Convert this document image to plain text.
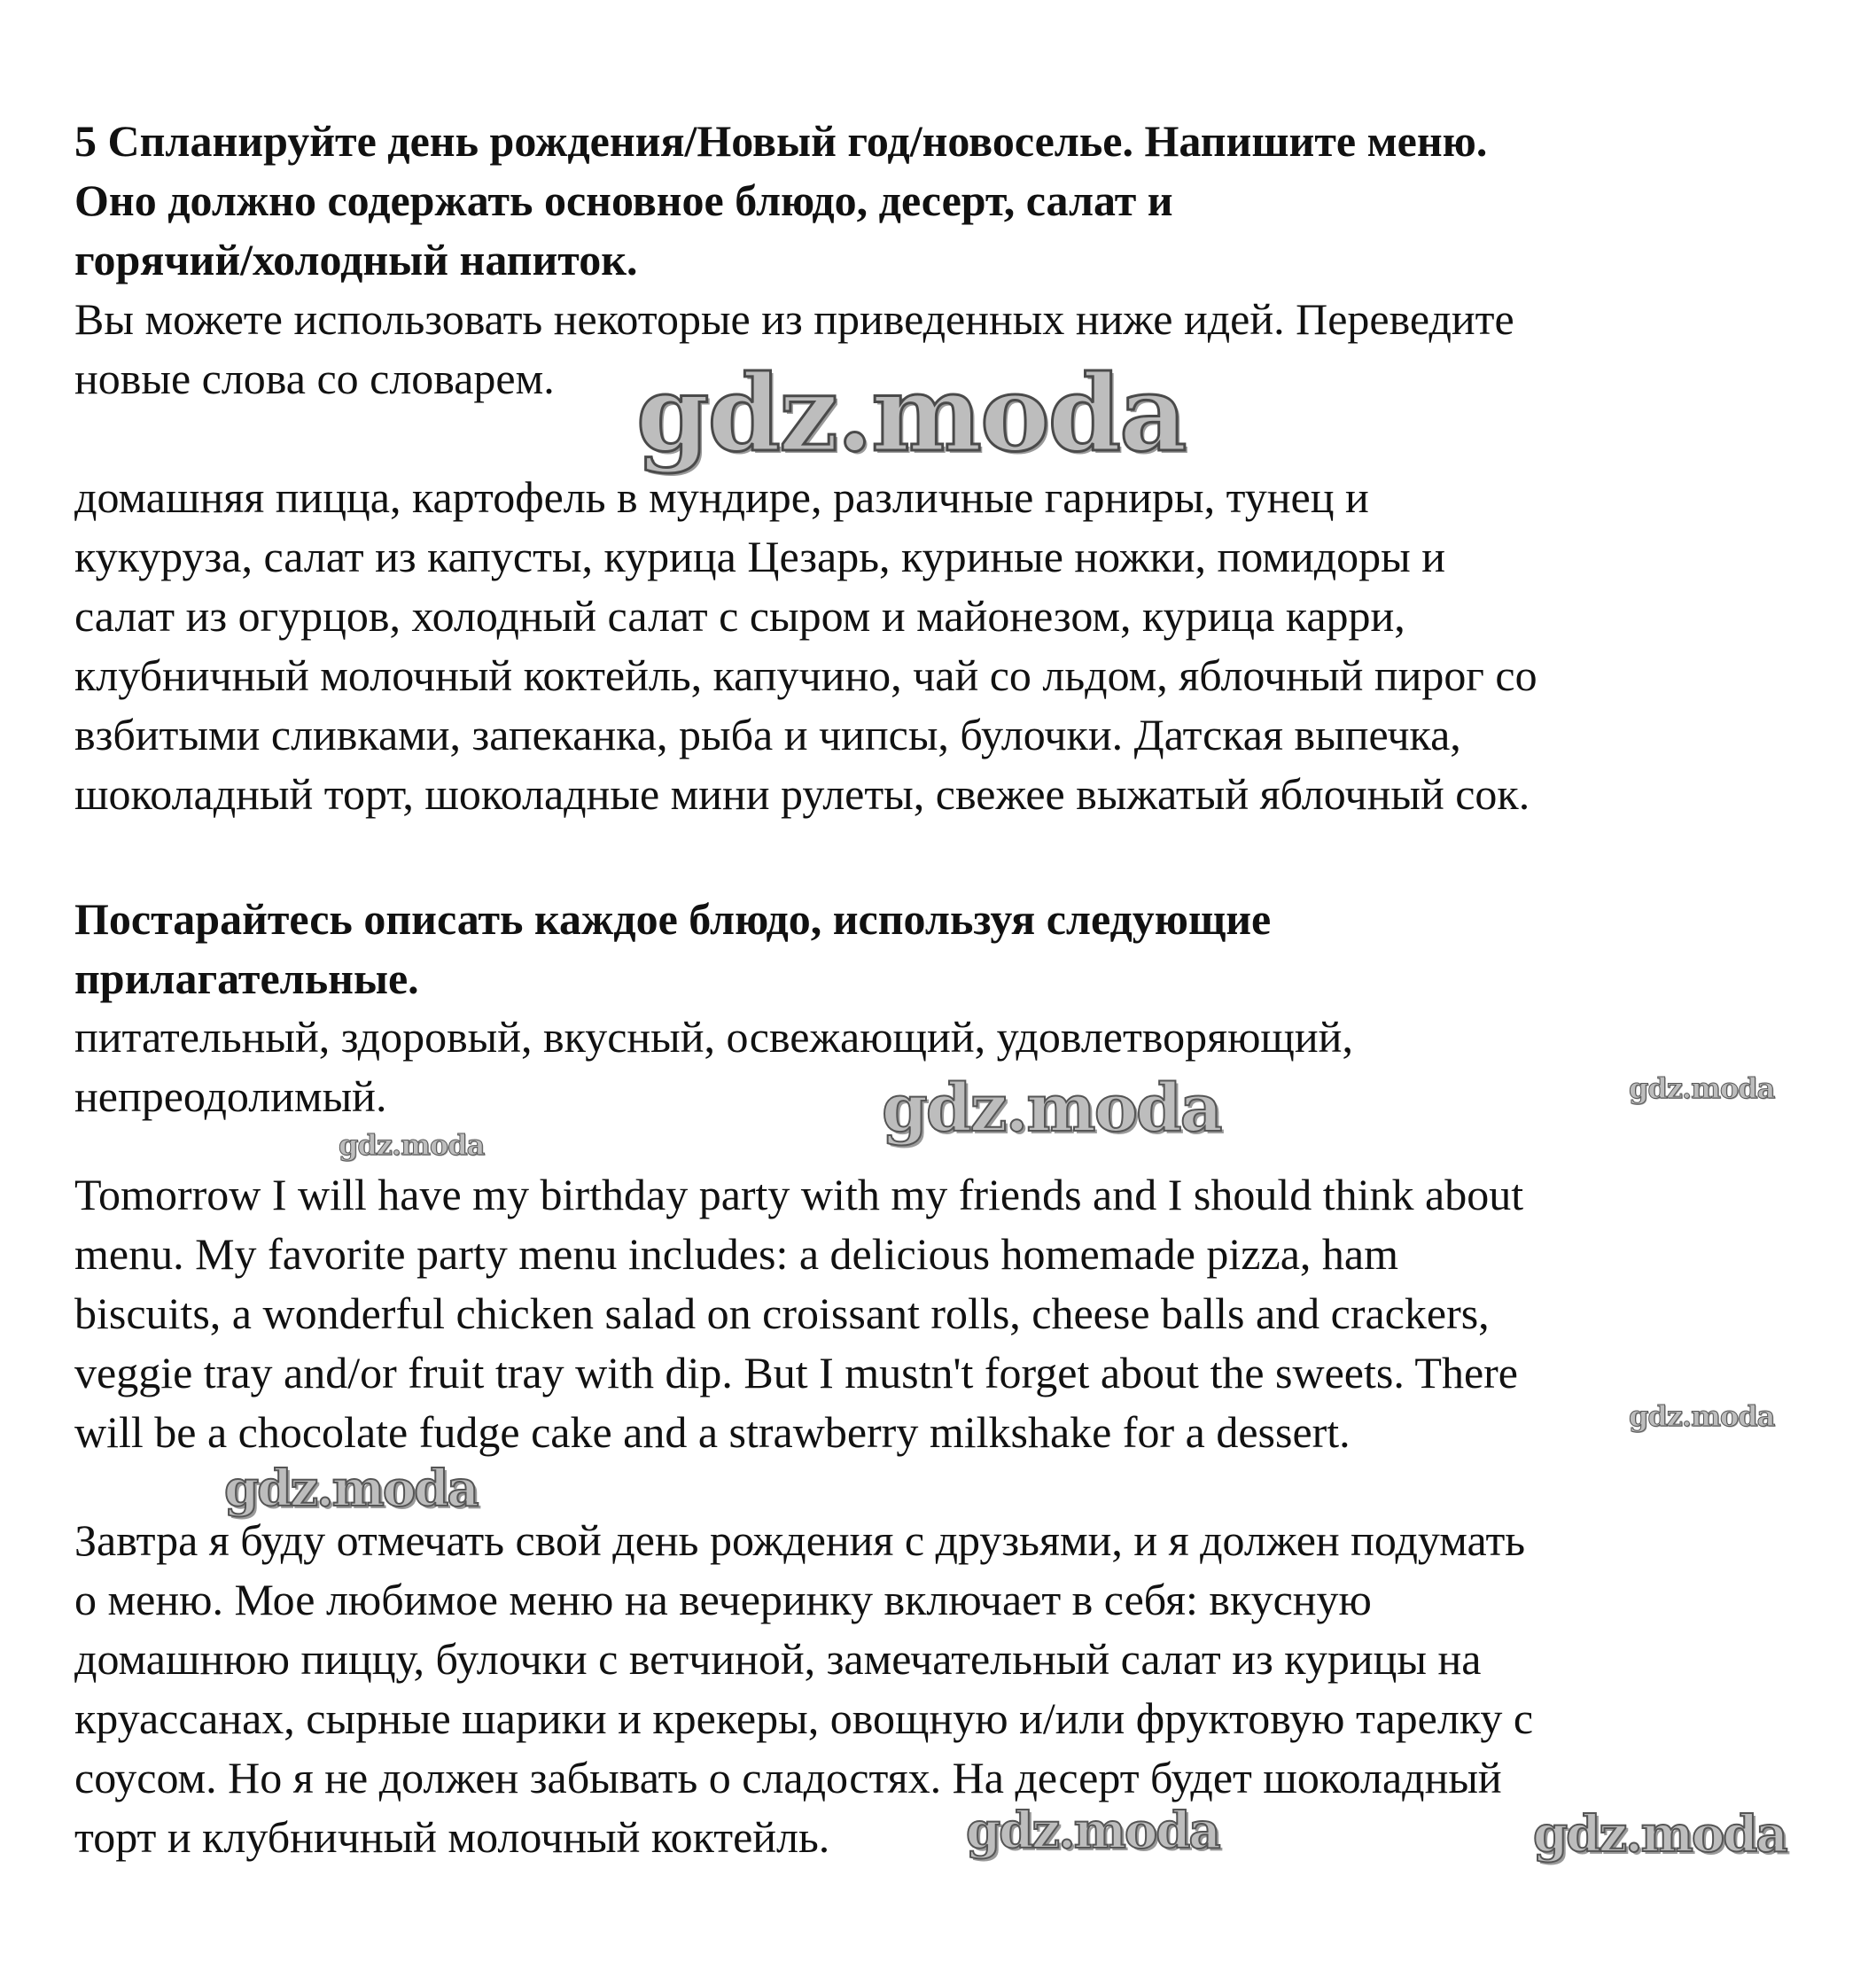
5 Спланируйте день рождения/Новый год/новоселье. Напишите меню.
Оно должно содержать основное блюдо, десерт, салат и
горячий/холодный напиток.
Вы можете использовать некоторые из приведенных ниже идей. Переведите
новые слова со словарем.
домашняя пицца, картофель в мундире, различные гарниры, тунец и
кукуруза, салат из капусты, курица Цезарь, куриные ножки, помидоры и
салат из огурцов, холодный салат с сыром и майонезом, курица карри,
клубничный молочный коктейль, капучино, чай со льдом, яблочный пирог со
взбитыми сливками, запеканка, рыба и чипсы, булочки. Датская выпечка,
шоколадный торт, шоколадные мини рулеты, свежее выжатый яблочный сок.
Постарайтесь описать каждое блюдо, используя следующие
прилагательные.
питательный, здоровый, вкусный, освежающий, удовлетворяющий,
непреодолимый.
Tomorrow I will have my birthday party with my friends and I should think about
menu. My favorite party menu includes: a delicious homemade pizza, ham
biscuits, a wonderful chicken salad on croissant rolls, cheese balls and crackers,
veggie tray and/or fruit tray with dip. But I mustn't forget about the sweets. There
will be a chocolate fudge cake and a strawberry milkshake for a dessert.
Завтра я буду отмечать свой день рождения с друзьями, и я должен подумать
о меню. Мое любимое меню на вечеринку включает в себя: вкусную
домашнюю пиццу, булочки с ветчиной, замечательный салат из курицы на
круассанах, сырные шарики и крекеры, овощную и/или фруктовую тарелку с
соусом. Но я не должен забывать о сладостях. На десерт будет шоколадный
торт и клубничный молочный коктейль.
gdz.moda
gdz.moda	gdz.moda
gdz.moda
gdz.moda
gdz.moda
gdz.moda	gdz.moda
